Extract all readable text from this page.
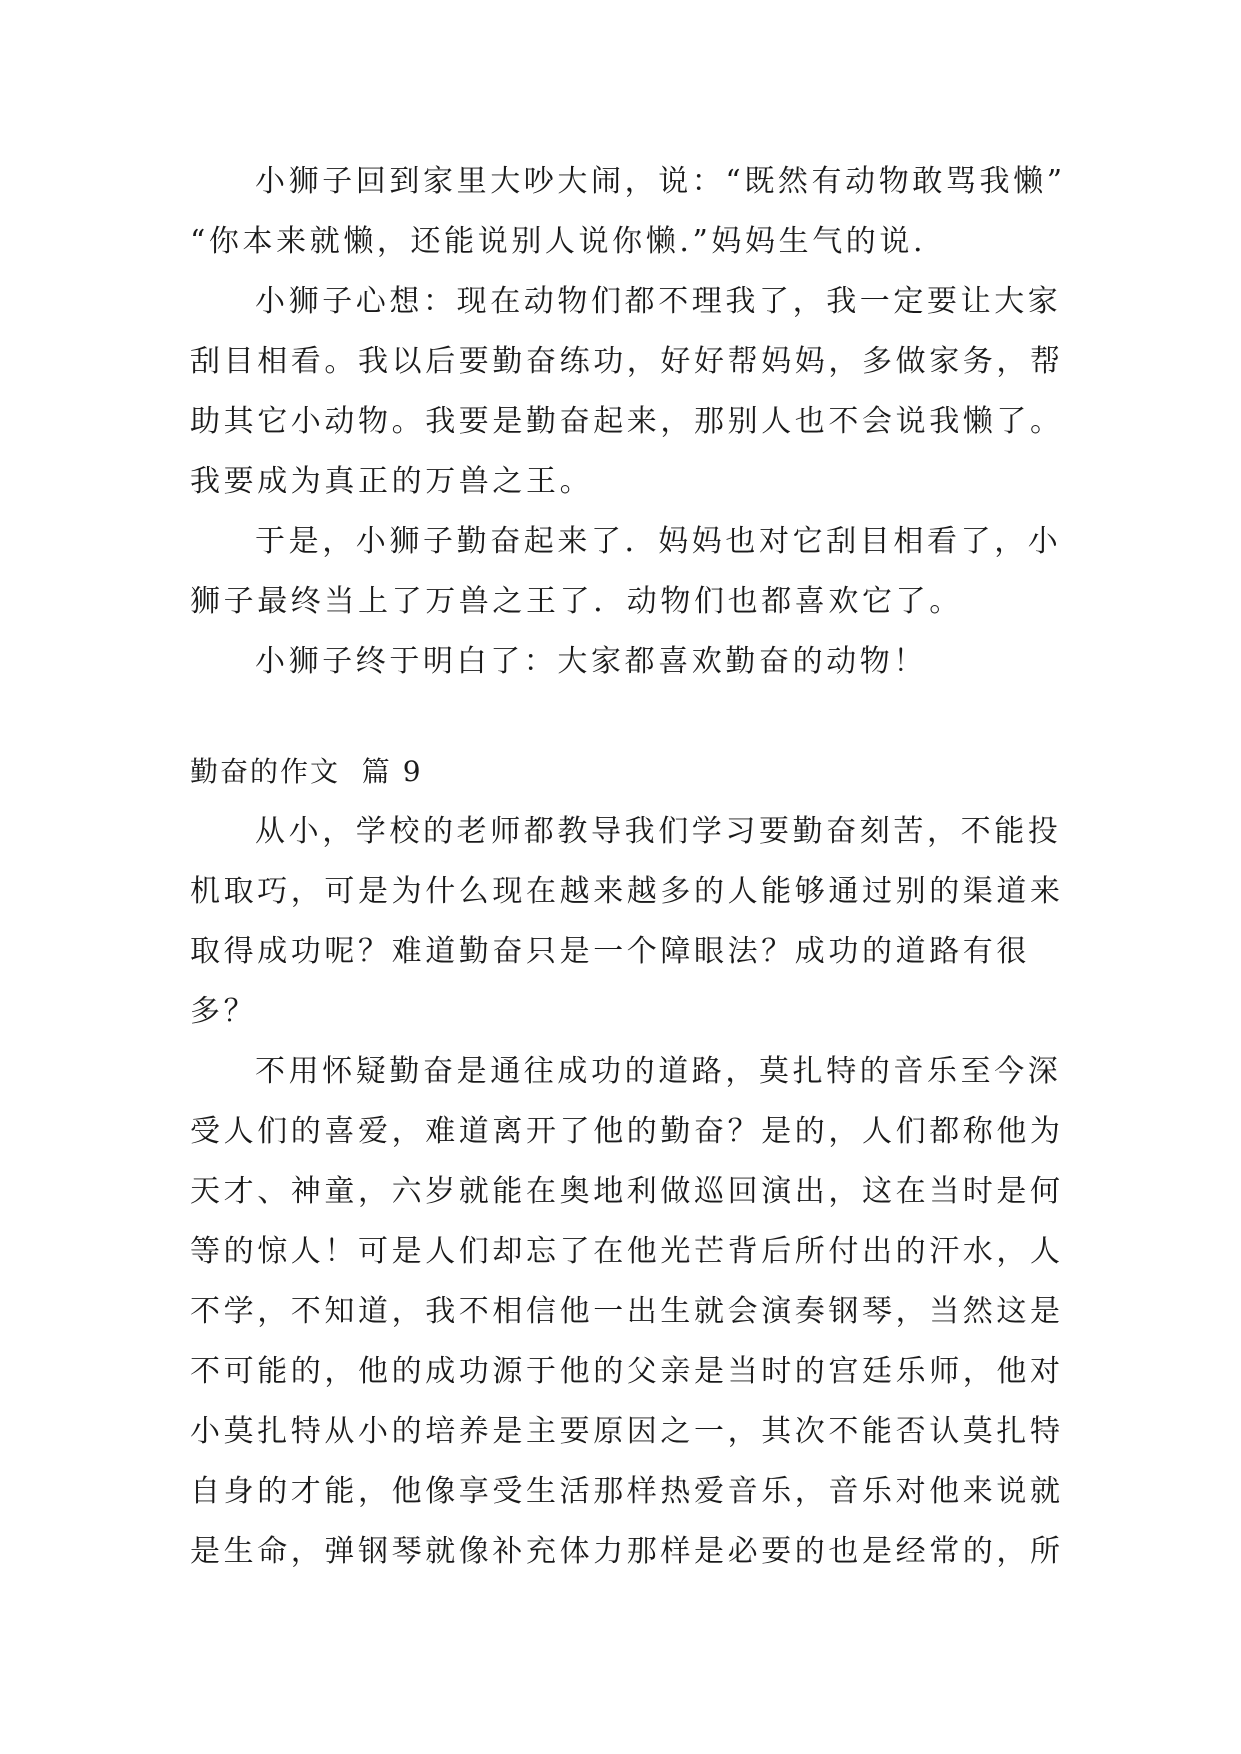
小狮子回到家里大吵大闹，说：“既然有动物敢骂我懒”
“你本来就懒，还能说别人说你懒.”妈妈生气的说.
小狮子心想：现在动物们都不理我了，我一定要让大家
刮目相看。我以后要勤奋练功，好好帮妈妈，多做家务，帮
助其它小动物。我要是勤奋起来，那别人也不会说我懒了。
我要成为真正的万兽之王。
于是，小狮子勤奋起来了．妈妈也对它刮目相看了，小
狮子最终当上了万兽之王了．动物们也都喜欢它了。
小狮子终于明白了：大家都喜欢勤奋的动物！
勤奋的作文  篇 9
从小，学校的老师都教导我们学习要勤奋刻苦，不能投
机取巧，可是为什么现在越来越多的人能够通过别的渠道来
取得成功呢？难道勤奋只是一个障眼法？成功的道路有很
多？
不用怀疑勤奋是通往成功的道路，莫扎特的音乐至今深
受人们的喜爱，难道离开了他的勤奋？是的，人们都称他为
天才、神童，六岁就能在奥地利做巡回演出，这在当时是何
等的惊人！可是人们却忘了在他光芒背后所付出的汗水，人
不学，不知道，我不相信他一出生就会演奏钢琴，当然这是
不可能的，他的成功源于他的父亲是当时的宫廷乐师，他对
小莫扎特从小的培养是主要原因之一，其次不能否认莫扎特
自身的才能，他像享受生活那样热爱音乐，音乐对他来说就
是生命，弹钢琴就像补充体力那样是必要的也是经常的，所
